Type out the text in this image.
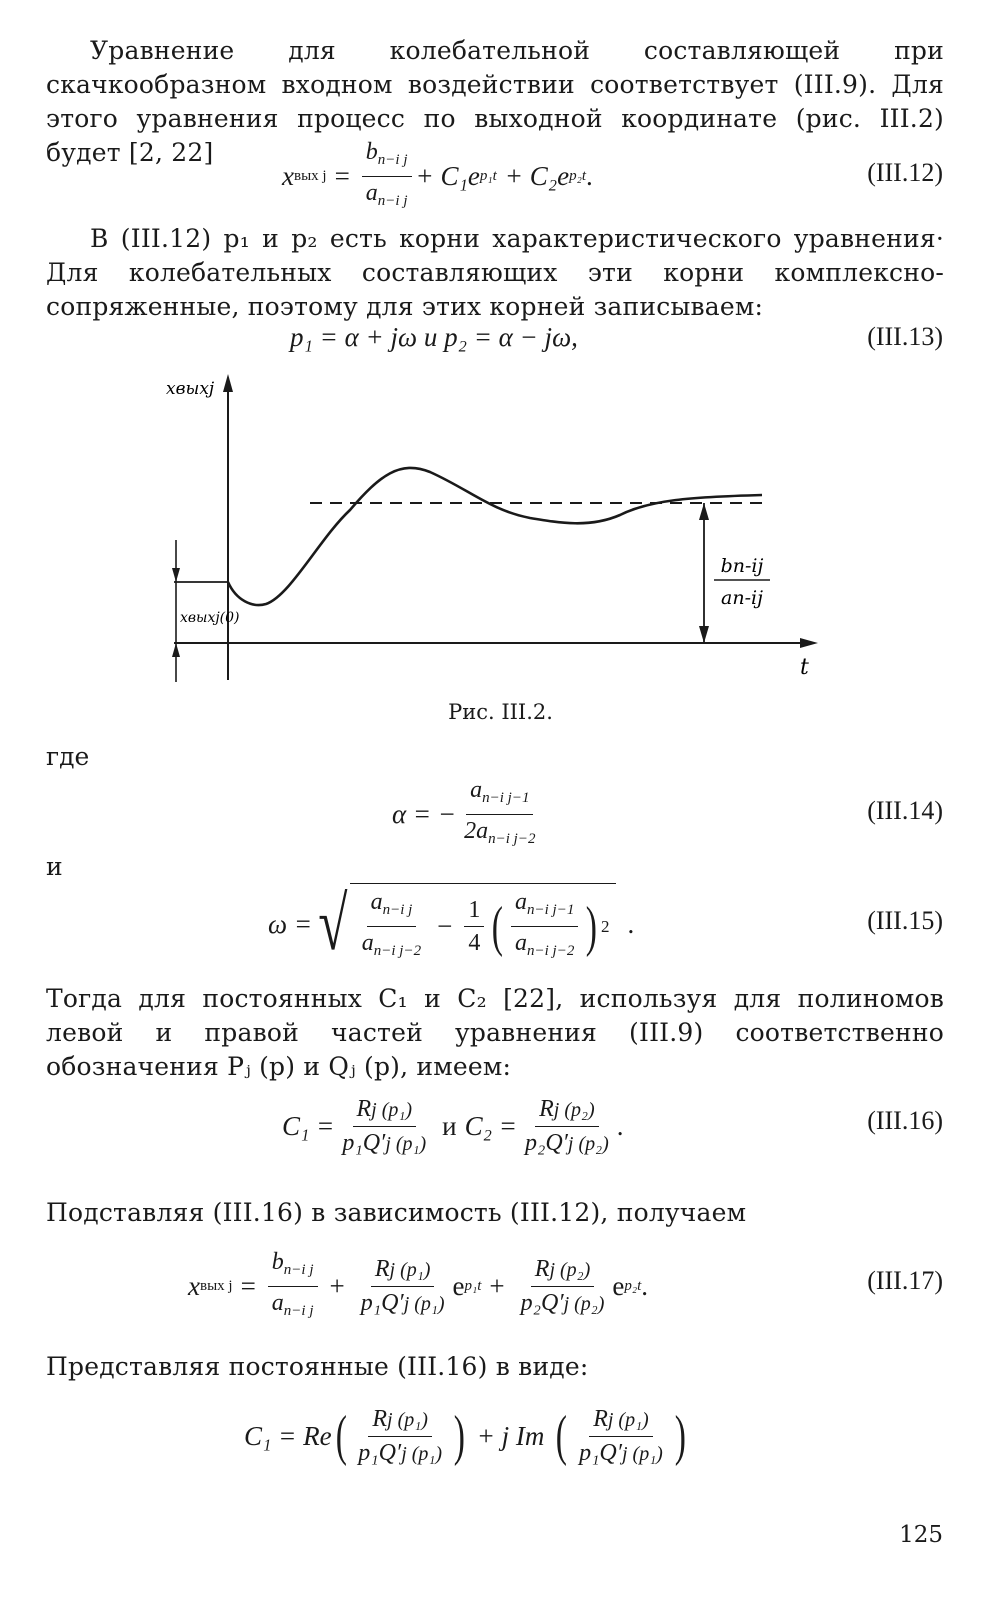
Уравнение для колебательной составляющей при скачкообразном входном воздействии соответствует (III.9). Для этого уравнения процесс по выходной координате (рис. III.2) будет [2, 22]

x вых $j = \frac{b_{n-i j}}{a_{n-i j}} + C_1e$ p₁t + C₂e p₂t .	(III.12)

В (III.12) p₁ и p₂ есть корни характеристического уравнения· Для колебательных составляющих эти корни комплексно-сопряженные, поэтому для этих корней записываем:

p₁ = α + jω и p₂ = α − jω,	(III.13)
xвыхj
t
xвыхj(0)
bn-ij
an-ij
Рис. III.2.
где
α = − $\frac{a_{n-i j-1}}{2a_{n-i j-2}}$	(III.14)
и
ω = √ $\frac{a_{n-i j}}{a_{n-i j-2}} - \frac{1}{4}$ ( $\frac{a_{n-i j-1}}{a_{n-i j-2}}$ ) 2 .	(III.15)

Тогда для постоянных C₁ и C₂ [22], используя для полиномов левой и правой частей уравнения (III.9) соответственно обозначения Pⱼ (p) и Qⱼ (p), имеем:

$C_1 = \frac{\text{Rj (p₁)}}{\text{p₁Q′j (p₁)}}$ и $C_2 = \frac{\text{Rj (p₂)}}{\text{p₂Q′j (p₂)}}$ .	(III.16)

Подставляя (III.16) в зависимость (III.12), получаем

x вых $j = \frac{b_{n-i j}}{a_{n-i j}} + \frac{\text{Rj (p₁)}}{\text{p₁Q′j (p₁)}}$ e $p_1t + \frac{\text{Rj (p₂)}}{\text{p₂Q′j (p₂)}}$ e p₂t .	(III.17)

Представляя постоянные (III.16) в виде:

C₁ = Re ( $\frac{\text{Rj (p₁)}}{\text{p₁Q′j (p₁)}}$ ) + j Im ( $\frac{\text{Rj (p₁)}}{\text{p₁Q′j (p₁)}}$ )
125
